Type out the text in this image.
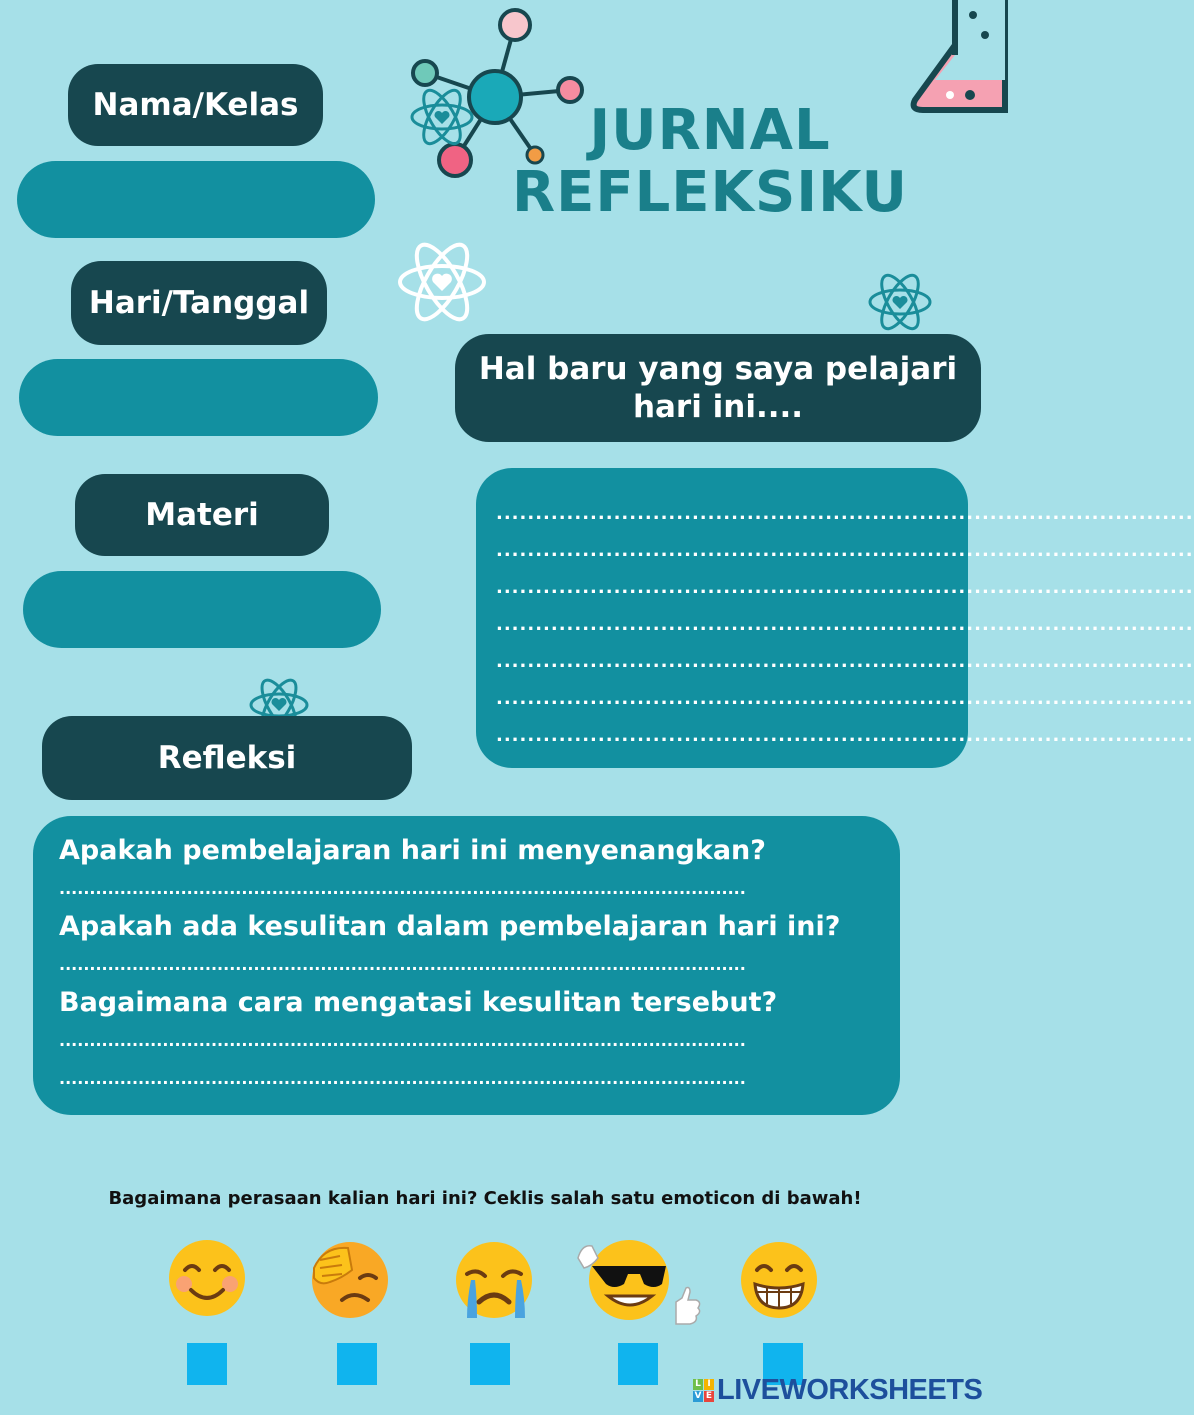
JURNAL
REFLEKSIKU
Nama/Kelas
Hari/Tanggal
Materi
Hal baru yang saya pelajari
hari ini....
.........................................................................................
.........................................................................................
.........................................................................................
.........................................................................................
.........................................................................................
.........................................................................................
.........................................................................................
Refleksi
Apakah pembelajaran hari ini menyenangkan?
.................................................................................................................
Apakah ada kesulitan dalam pembelajaran hari ini?
.................................................................................................................
Bagaimana cara mengatasi kesulitan tersebut?
.................................................................................................................
.................................................................................................................
Bagaimana perasaan kalian hari ini? Ceklis salah satu emoticon di bawah!
L I
V E LIVEWORKSHEETS
